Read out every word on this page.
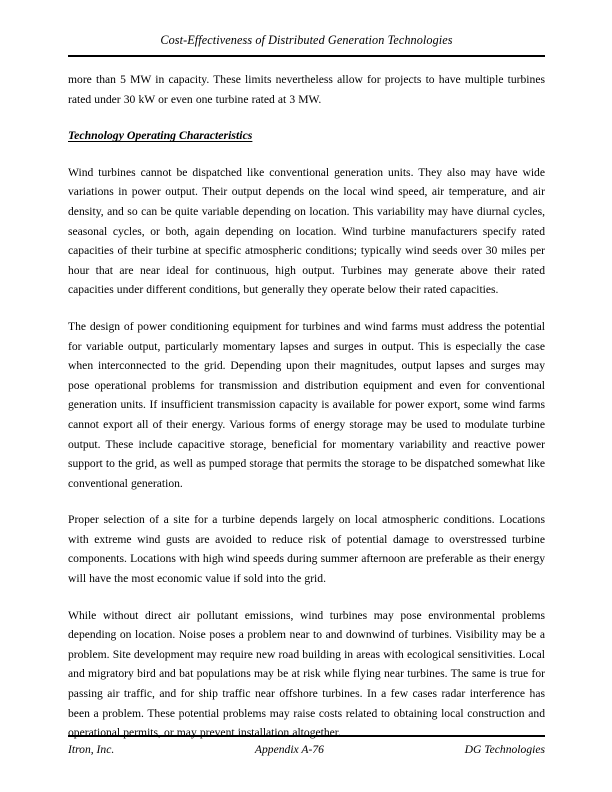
Cost-Effectiveness of Distributed Generation Technologies

more than 5 MW in capacity. These limits nevertheless allow for projects to have multiple turbines rated under 30 kW or even one turbine rated at 3 MW.

Technology Operating Characteristics

Wind turbines cannot be dispatched like conventional generation units. They also may have wide variations in power output. Their output depends on the local wind speed, air temperature, and air density, and so can be quite variable depending on location. This variability may have diurnal cycles, seasonal cycles, or both, again depending on location. Wind turbine manufacturers specify rated capacities of their turbine at specific atmospheric conditions; typically wind seeds over 30 miles per hour that are near ideal for continuous, high output. Turbines may generate above their rated capacities under different conditions, but generally they operate below their rated capacities.

The design of power conditioning equipment for turbines and wind farms must address the potential for variable output, particularly momentary lapses and surges in output. This is especially the case when interconnected to the grid. Depending upon their magnitudes, output lapses and surges may pose operational problems for transmission and distribution equipment and even for conventional generation units. If insufficient transmission capacity is available for power export, some wind farms cannot export all of their energy. Various forms of energy storage may be used to modulate turbine output. These include capacitive storage, beneficial for momentary variability and reactive power support to the grid, as well as pumped storage that permits the storage to be dispatched somewhat like conventional generation.

Proper selection of a site for a turbine depends largely on local atmospheric conditions. Locations with extreme wind gusts are avoided to reduce risk of potential damage to overstressed turbine components. Locations with high wind speeds during summer afternoon are preferable as their energy will have the most economic value if sold into the grid.

While without direct air pollutant emissions, wind turbines may pose environmental problems depending on location. Noise poses a problem near to and downwind of turbines. Visibility may be a problem. Site development may require new road building in areas with ecological sensitivities. Local and migratory bird and bat populations may be at risk while flying near turbines. The same is true for passing air traffic, and for ship traffic near offshore turbines. In a few cases radar interference has been a problem. These potential problems may raise costs related to obtaining local construction and operational permits, or may prevent installation altogether.

Itron, Inc.	Appendix A-76	DG Technologies
